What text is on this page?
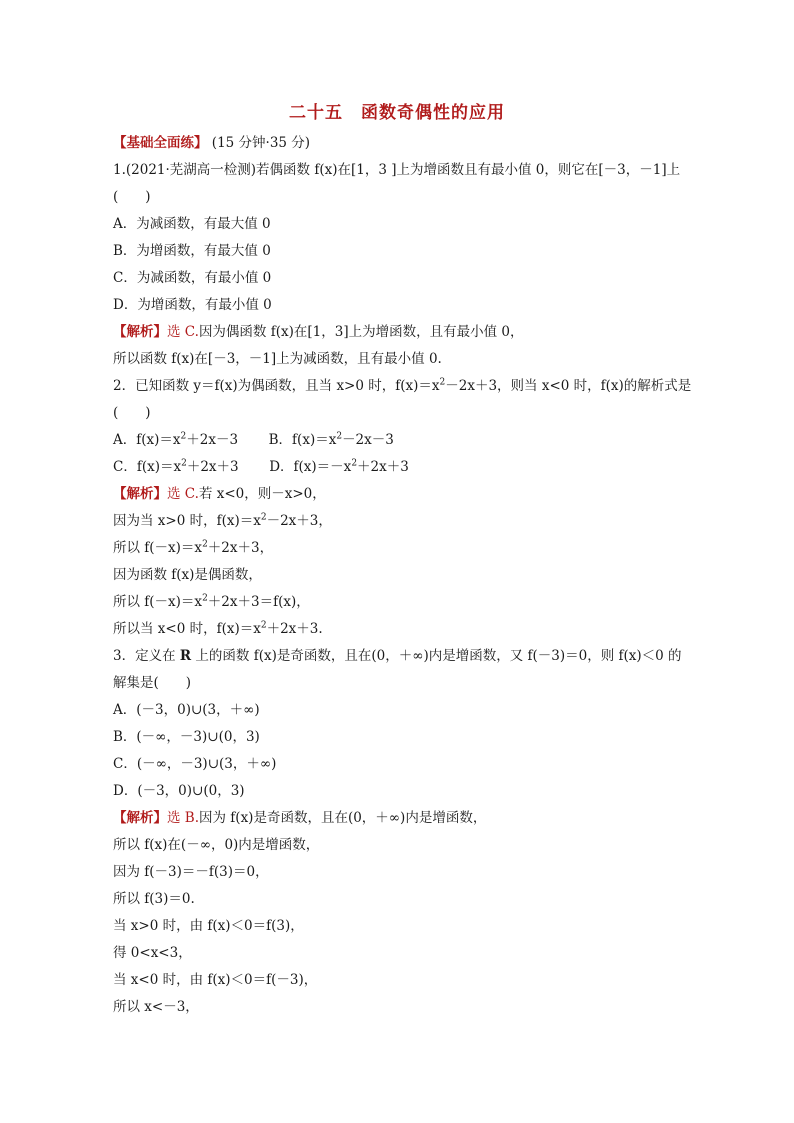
二十五　函数奇偶性的应用
【基础全面练】 (15 分钟·35 分)
1.(2021·芜湖高一检测)若偶函数 f(x)在[1，3 ]上为增函数且有最小值 0，则它在[－3，－1]上
(　　)
A．为减函数，有最大值 0
B．为增函数，有最大值 0
C．为减函数，有最小值 0
D．为增函数，有最小值 0
【解析】选 C.因为偶函数 f(x)在[1，3]上为增函数，且有最小值 0，
所以函数 f(x)在[－3，－1]上为减函数，且有最小值 0.
2．已知函数 y＝f(x)为偶函数，且当 x>0 时，$f(x)=x^2-2x+3$，则当 x<0 时，f(x)的解析式是
(　　)
A．$f(x)=x^2+2x-3$ B．$f(x)=x^2-2x-3$
C．$f(x)=x^2+2x+3$ D．$f(x)=-x^2+2x+3$
【解析】选 C.若 x<0，则－x>0，
因为当 x>0 时，$f(x)=x^2-2x+3$，
所以 $f(-x)=x^2+2x+3$，
因为函数 f(x)是偶函数，
所以 $f(-x)=x^2+2x+3=f(x)$，
所以当 x<0 时，$f(x)=x^2+2x+3$.
3．定义在 R 上的函数 f(x)是奇函数，且在(0，＋∞)内是增函数，又 f(－3)＝0，则 f(x)＜0 的
解集是(　　)
A．(－3，0)∪(3，＋∞)
B．(－∞，－3)∪(0，3)
C．(－∞，－3)∪(3，＋∞)
D．(－3，0)∪(0，3)
【解析】选 B.因为 f(x)是奇函数，且在(0，＋∞)内是增函数，
所以 f(x)在(－∞，0)内是增函数，
因为 f(－3)＝－f(3)＝0，
所以 f(3)＝0.
当 x>0 时，由 f(x)＜0＝f(3)，
得 0<x<3，
当 x<0 时，由 f(x)＜0＝f(－3)，
所以 x<－3，
